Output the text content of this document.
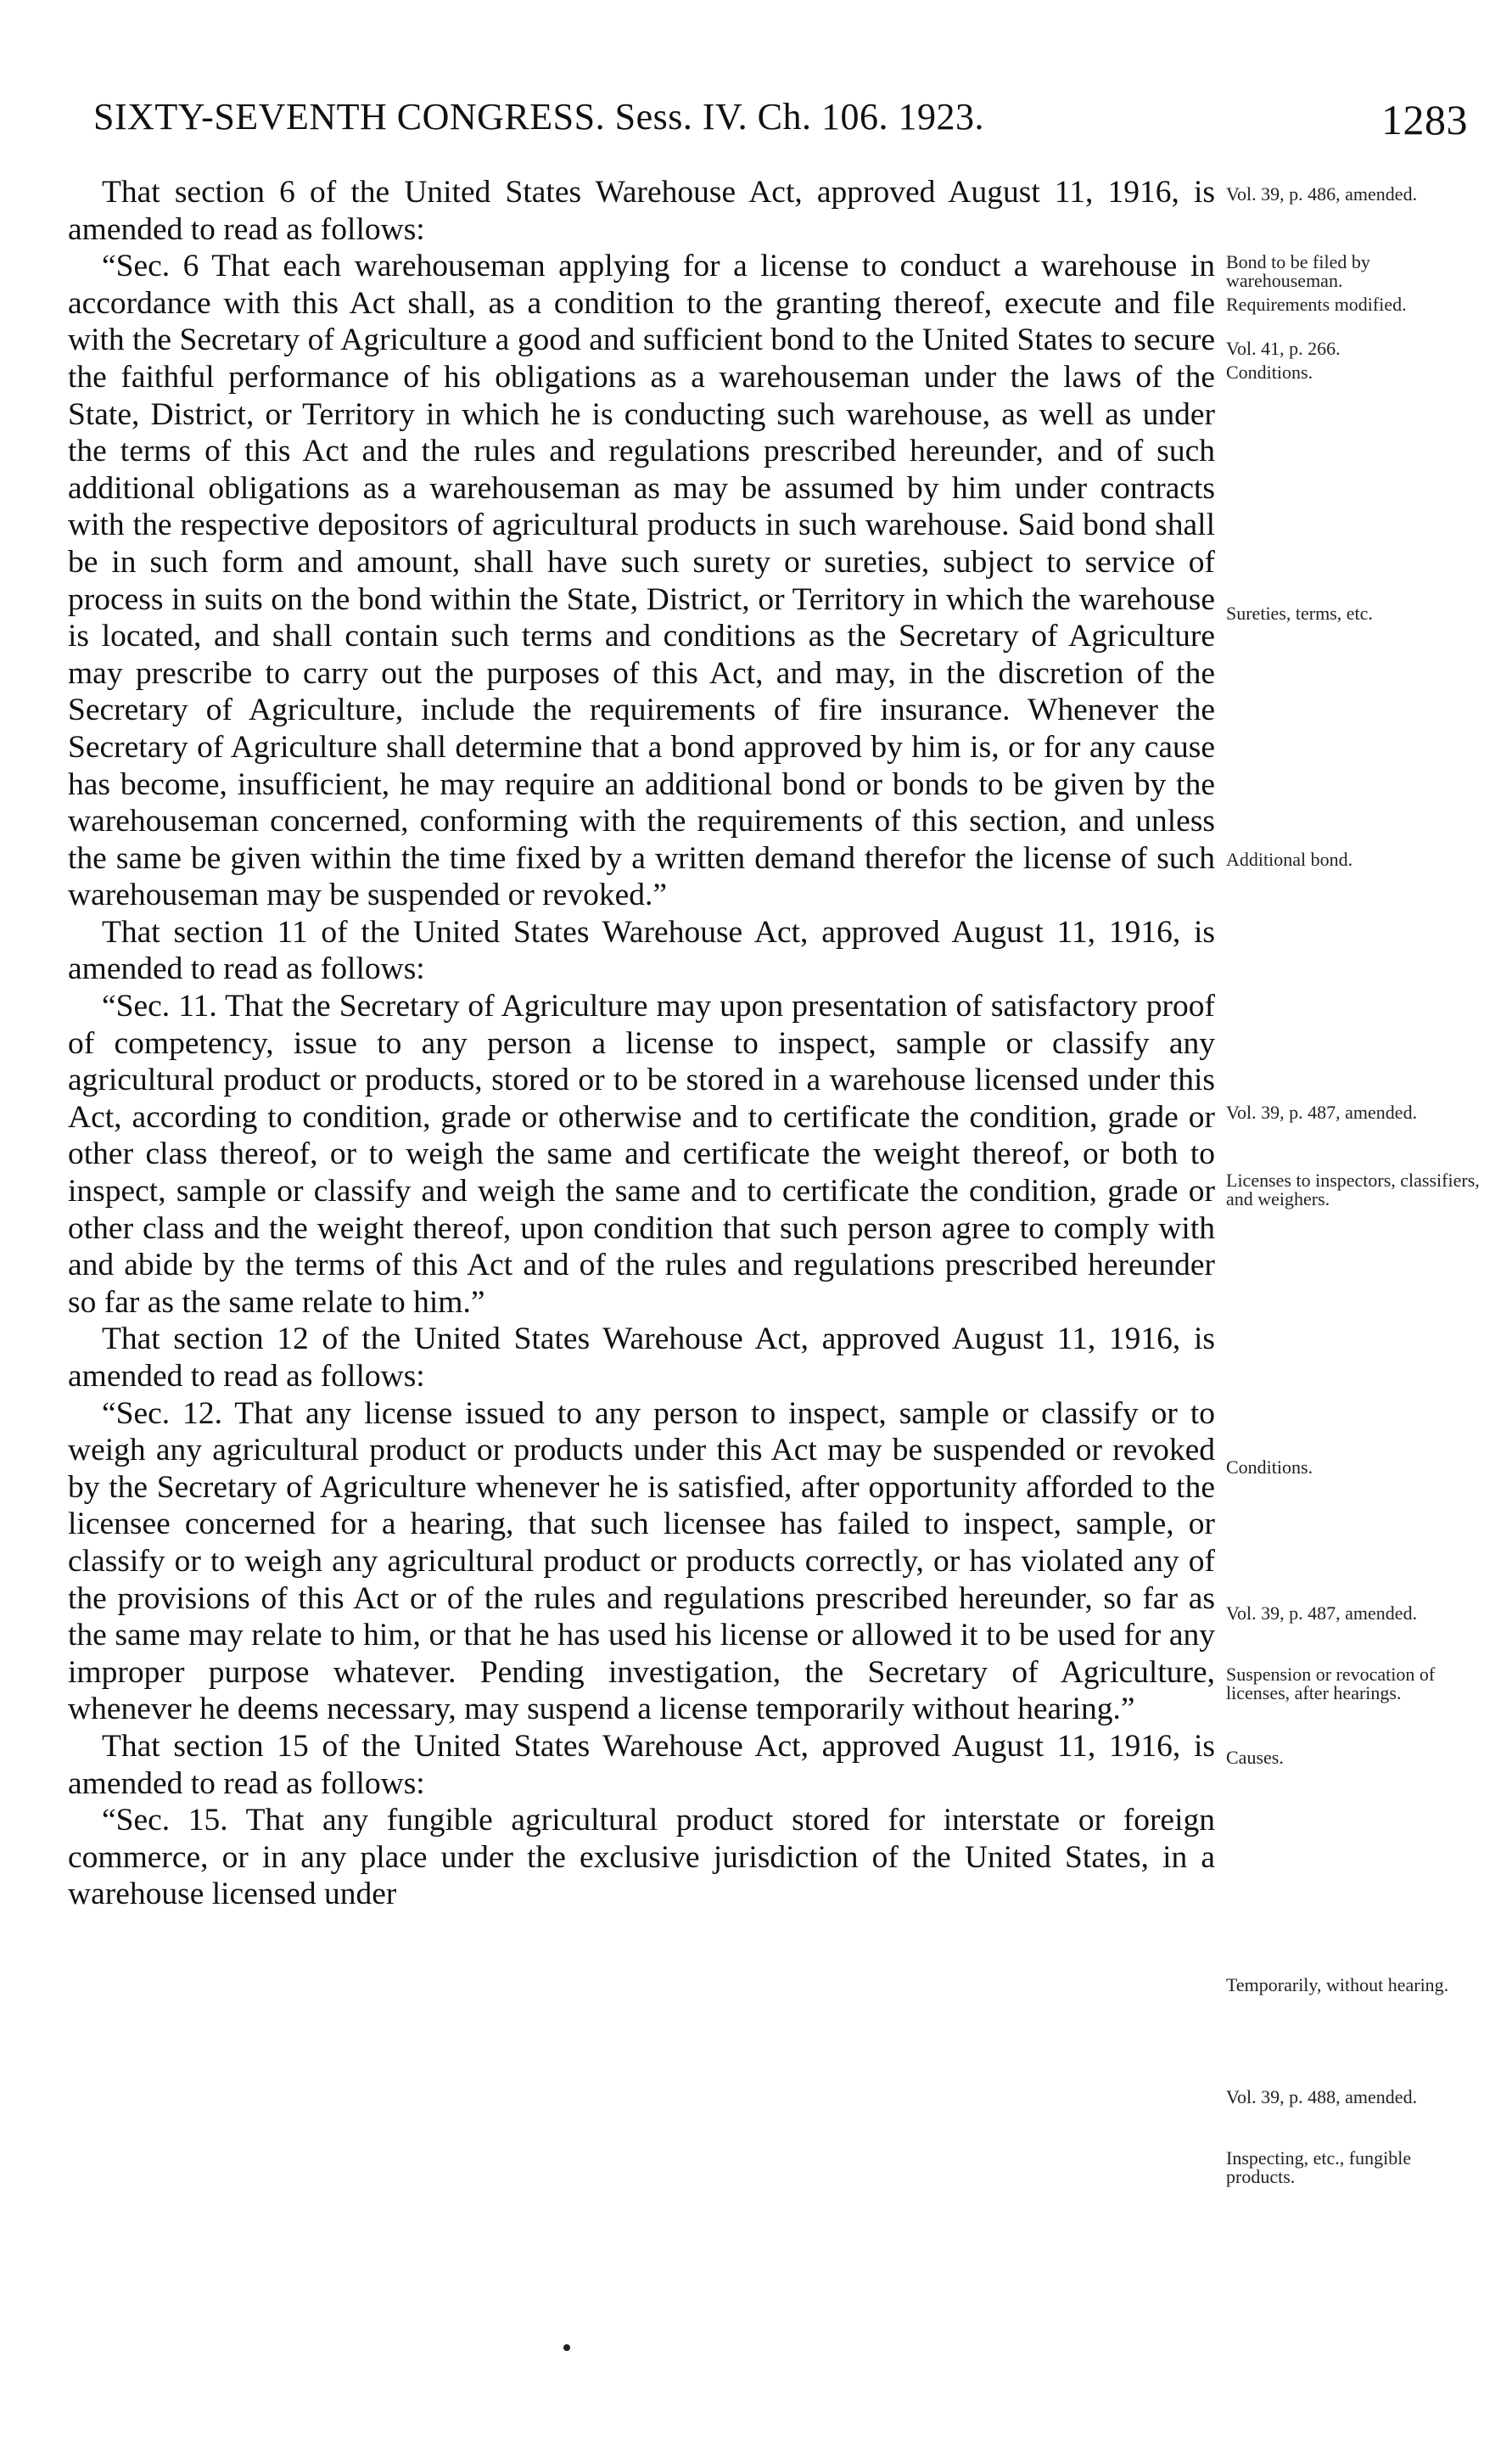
SIXTY-SEVENTH CONGRESS. Sess. IV. Ch. 106. 1923.	1283

That section 6 of the United States Warehouse Act, approved August 11, 1916, is amended to read as follows:

“Sec. 6 That each warehouseman applying for a license to conduct a warehouse in accordance with this Act shall, as a condition to the granting thereof, execute and file with the Secretary of Agriculture a good and sufficient bond to the United States to secure the faithful performance of his obligations as a warehouseman under the laws of the State, District, or Territory in which he is conducting such warehouse, as well as under the terms of this Act and the rules and regulations prescribed hereunder, and of such additional obligations as a warehouseman as may be assumed by him under contracts with the respective depositors of agricultural products in such warehouse. Said bond shall be in such form and amount, shall have such surety or sureties, subject to service of process in suits on the bond within the State, District, or Territory in which the warehouse is located, and shall contain such terms and conditions as the Secretary of Agriculture may prescribe to carry out the purposes of this Act, and may, in the discretion of the Secretary of Agriculture, include the requirements of fire insurance. Whenever the Secretary of Agriculture shall determine that a bond approved by him is, or for any cause has become, insufficient, he may require an additional bond or bonds to be given by the warehouseman concerned, conforming with the requirements of this section, and unless the same be given within the time fixed by a written demand therefor the license of such warehouseman may be suspended or revoked.”

That section 11 of the United States Warehouse Act, approved August 11, 1916, is amended to read as follows:

“Sec. 11. That the Secretary of Agriculture may upon presentation of satisfactory proof of competency, issue to any person a license to inspect, sample or classify any agricultural product or products, stored or to be stored in a warehouse licensed under this Act, according to condition, grade or otherwise and to certificate the condition, grade or other class thereof, or to weigh the same and certificate the weight thereof, or both to inspect, sample or classify and weigh the same and to certificate the condition, grade or other class and the weight thereof, upon condition that such person agree to comply with and abide by the terms of this Act and of the rules and regulations prescribed hereunder so far as the same relate to him.”

That section 12 of the United States Warehouse Act, approved August 11, 1916, is amended to read as follows:

“Sec. 12. That any license issued to any person to inspect, sample or classify or to weigh any agricultural product or products under this Act may be suspended or revoked by the Secretary of Agriculture whenever he is satisfied, after opportunity afforded to the licensee concerned for a hearing, that such licensee has failed to inspect, sample, or classify or to weigh any agricultural product or products correctly, or has violated any of the provisions of this Act or of the rules and regulations prescribed hereunder, so far as the same may relate to him, or that he has used his license or allowed it to be used for any improper purpose whatever. Pending investigation, the Secretary of Agriculture, whenever he deems necessary, may suspend a license temporarily without hearing.”

That section 15 of the United States Warehouse Act, approved August 11, 1916, is amended to read as follows:

“Sec. 15. That any fungible agricultural product stored for interstate or foreign commerce, or in any place under the exclusive jurisdiction of the United States, in a warehouse licensed under

Vol. 39, p. 486, amended.
Bond to be filed by warehouseman.
Requirements modified.
Vol. 41, p. 266.
Conditions.
Sureties, terms, etc.
Additional bond.
Vol. 39, p. 487, amended.
Licenses to inspectors, classifiers, and weighers.
Conditions.
Vol. 39, p. 487, amended.
Suspension or revocation of licenses, after hearings.
Causes.
Temporarily, without hearing.
Vol. 39, p. 488, amended.
Inspecting, etc., fungible products.
